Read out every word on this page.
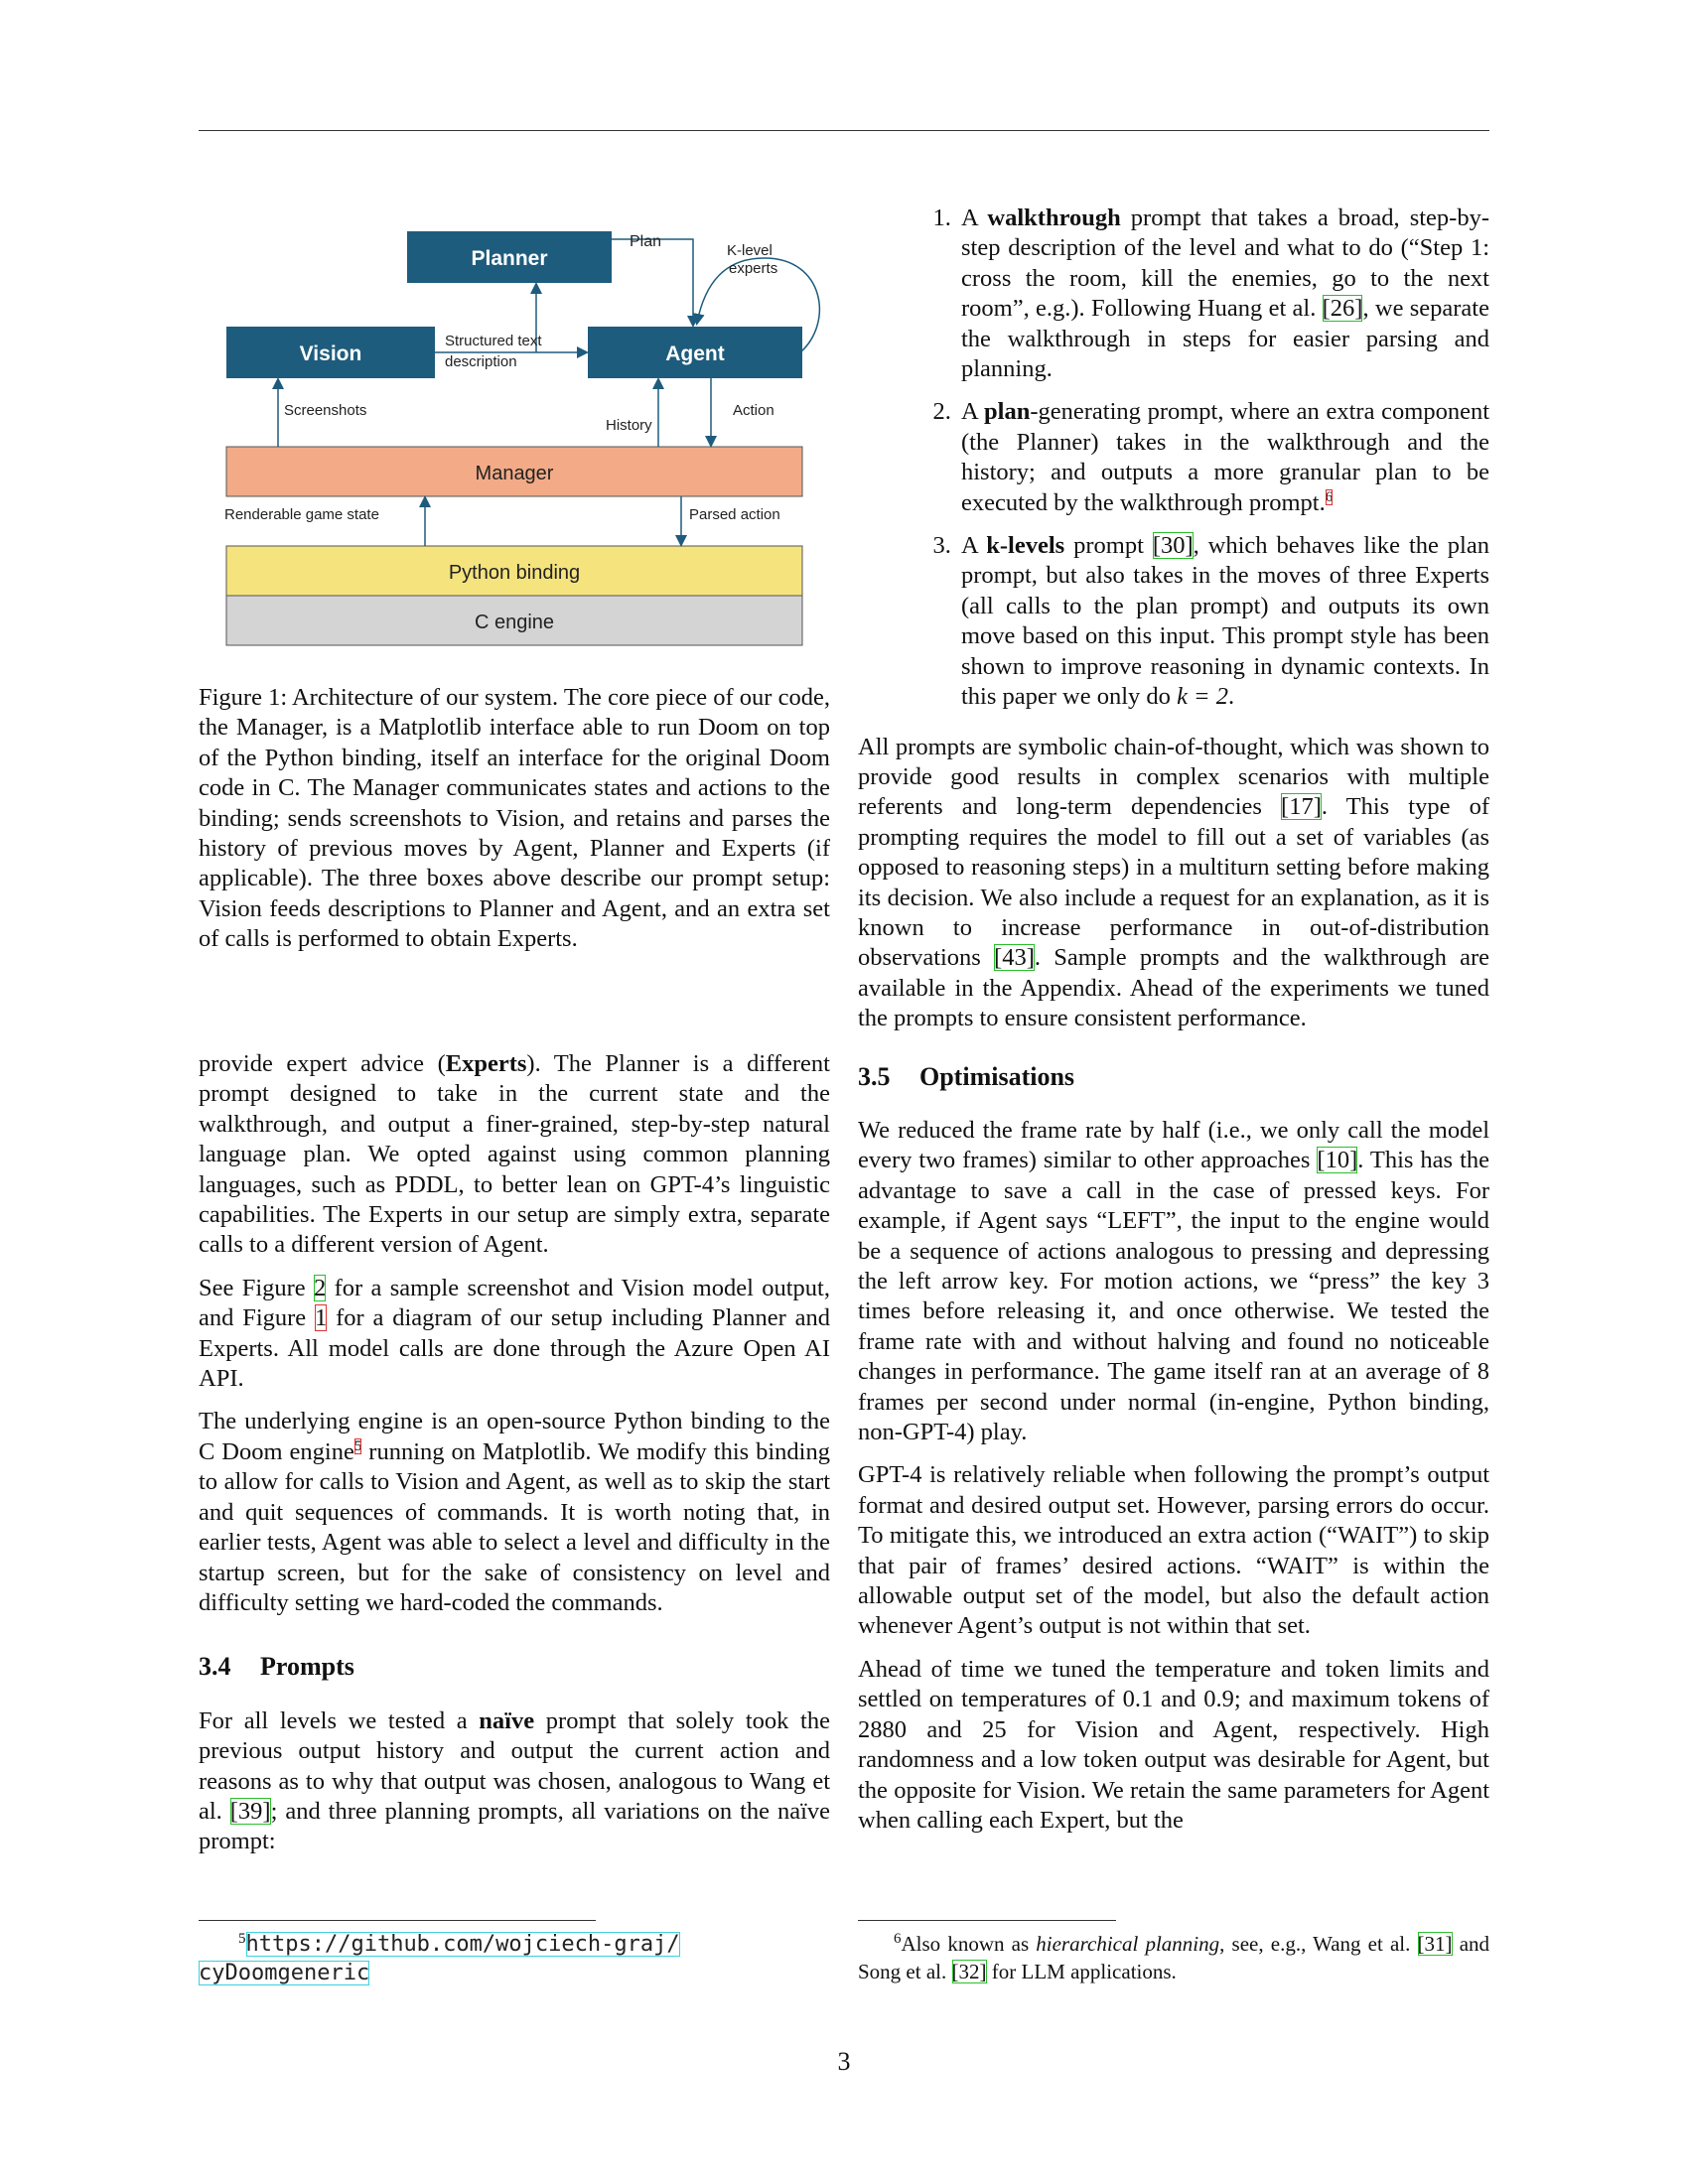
Planner
Vision	Agent
Manager
Python binding
C engine
Plan
K-level
experts
Structured text
description
Screenshots
History
Action
Renderable game state	Parsed action
Figure 1: Architecture of our system. The core piece of our code, the Manager, is a Matplotlib interface able to run Doom on top of the Python binding, itself an interface for the original Doom code in C. The Manager communicates states and actions to the binding; sends screenshots to Vision, and retains and parses the history of previous moves by Agent, Planner and Experts (if applicable). The three boxes above describe our prompt setup: Vision feeds descriptions to Planner and Agent, and an extra set of calls is performed to obtain Experts.

provide expert advice (Experts). The Planner is a different prompt designed to take in the current state and the walkthrough, and output a finer-grained, step-by-step natural language plan. We opted against using common planning languages, such as PDDL, to better lean on GPT-4’s linguistic capabilities. The Experts in our setup are simply extra, separate calls to a different version of Agent.

See Figure 2 for a sample screenshot and Vision model output, and Figure 1 for a diagram of our setup including Planner and Experts. All model calls are done through the Azure Open AI API.

The underlying engine is an open-source Python binding to the C Doom engine$^5$ running on Matplotlib. We modify this binding to allow for calls to Vision and Agent, as well as to skip the start and quit sequences of commands. It is worth noting that, in earlier tests, Agent was able to select a level and difficulty in the startup screen, but for the sake of consistency on level and difficulty setting we hard-coded the commands.

3.4 Prompts

For all levels we tested a naïve prompt that solely took the previous output history and output the current action and reasons as to why that output was chosen, analogous to Wang et al. [39]; and three planning prompts, all variations on the naïve prompt:

1. A walkthrough prompt that takes a broad, step-by-step description of the level and what to do (“Step 1: cross the room, kill the enemies, go to the next room”, e.g.). Following Huang et al. [26], we separate the walkthrough in steps for easier parsing and planning.
2. A plan-generating prompt, where an extra component (the Planner) takes in the walkthrough and the history; and outputs a more granular plan to be executed by the walkthrough prompt.$^6$
3. A k-levels prompt [30], which behaves like the plan prompt, but also takes in the moves of three Experts (all calls to the plan prompt) and outputs its own move based on this input. This prompt style has been shown to improve reasoning in dynamic contexts. In this paper we only do k = 2.

All prompts are symbolic chain-of-thought, which was shown to provide good results in complex scenarios with multiple referents and long-term dependencies [17]. This type of prompting requires the model to fill out a set of variables (as opposed to reasoning steps) in a multiturn setting before making its decision. We also include a request for an explanation, as it is known to increase performance in out-of-distribution observations [43]. Sample prompts and the walkthrough are available in the Appendix. Ahead of the experiments we tuned the prompts to ensure consistent performance.

3.5 Optimisations

We reduced the frame rate by half (i.e., we only call the model every two frames) similar to other approaches [10]. This has the advantage to save a call in the case of pressed keys. For example, if Agent says “LEFT”, the input to the engine would be a sequence of actions analogous to pressing and depressing the left arrow key. For motion actions, we “press” the key 3 times before releasing it, and once otherwise. We tested the frame rate with and without halving and found no noticeable changes in performance. The game itself ran at an average of 8 frames per second under normal (in-engine, Python binding, non-GPT-4) play.

GPT-4 is relatively reliable when following the prompt’s output format and desired output set. However, parsing errors do occur. To mitigate this, we introduced an extra action (“WAIT”) to skip that pair of frames’ desired actions. “WAIT” is within the allowable output set of the model, but also the default action whenever Agent’s output is not within that set.

Ahead of time we tuned the temperature and token limits and settled on temperatures of 0.1 and 0.9; and maximum tokens of 2880 and 25 for Vision and Agent, respectively. High randomness and a low token output was desirable for Agent, but the opposite for Vision. We retain the same parameters for Agent when calling each Expert, but the

$^5$https://github.com/wojciech-graj/
cyDoomgeneric
$^6$Also known as hierarchical planning, see, e.g., Wang et al. [31] and Song et al. [32] for LLM applications.
3
